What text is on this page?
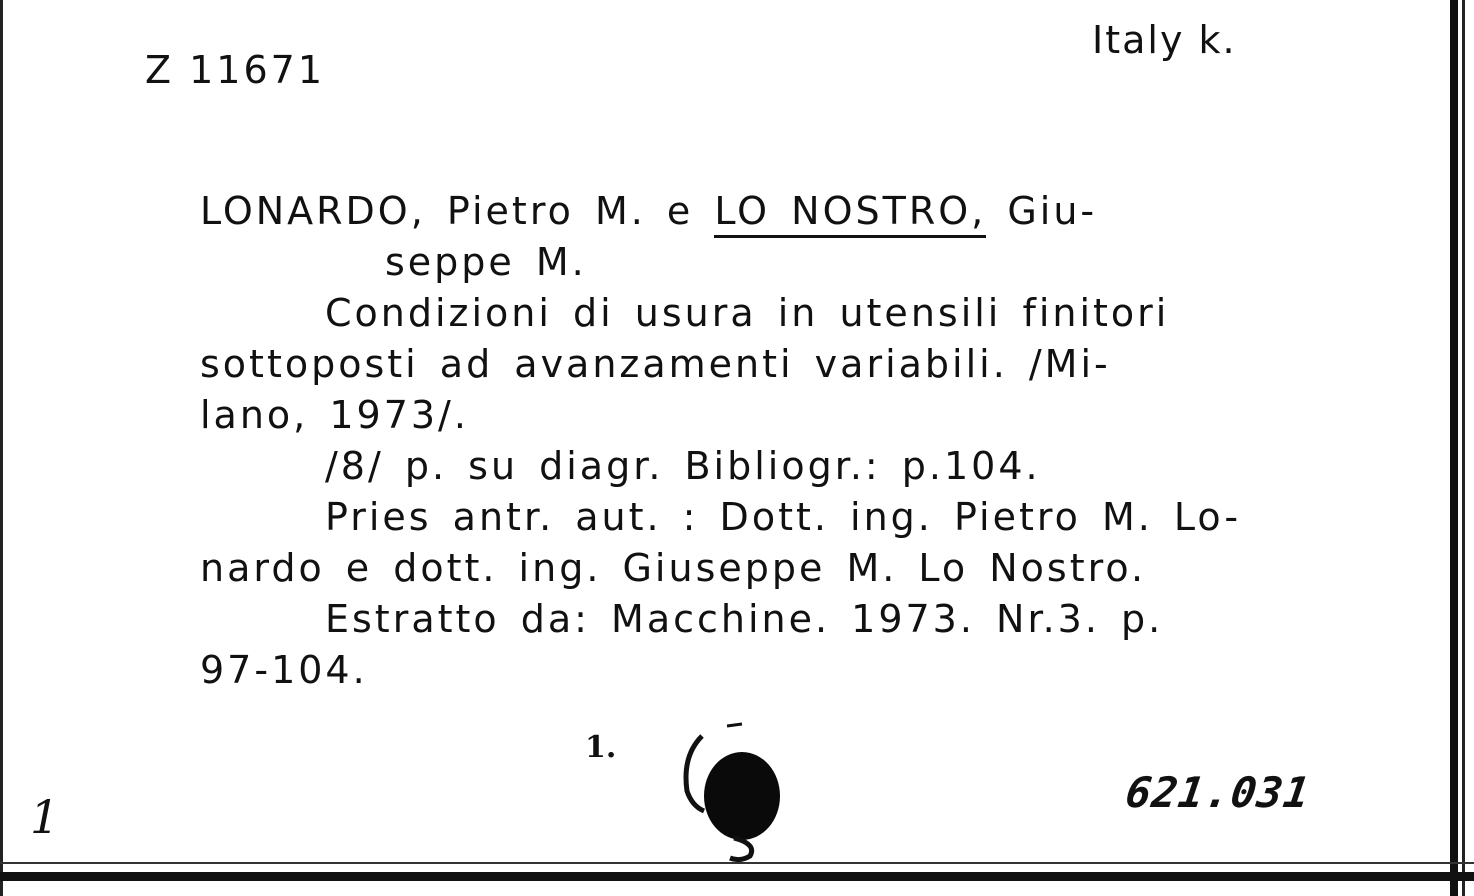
Z 11671
Italy k.
LONARDO, Pietro M. e LO NOSTRO, Giu-
seppe M.
Condizioni di usura in utensili finitori
sottoposti ad avanzamenti variabili. /Mi-
lano, 1973/.
/8/ p. su diagr. Bibliogr.: p.104.
Pries antr. aut. : Dott. ing. Pietro M. Lo-
nardo e dott. ing. Giuseppe M. Lo Nostro.
Estratto da: Macchine. 1973. Nr.3. p.
97-104.
1.
621.031
1
